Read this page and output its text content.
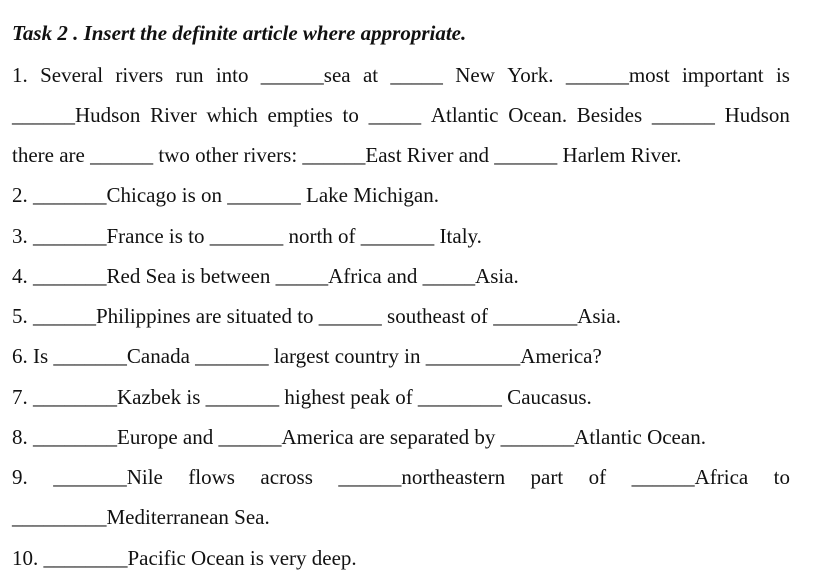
Task 2 . Insert the definite article where appropriate.
1. Several rivers run into ______sea at _____ New York. ______most important is
______Hudson River which empties to _____ Atlantic Ocean. Besides ______ Hudson
there are ______ two other rivers: ______East River and ______ Harlem River.
2. _______Chicago is on _______ Lake Michigan.
3. _______France is to _______ north of _______ Italy.
4. _______Red Sea is between _____Africa and _____Asia.
5. ______Philippines are situated to ______ southeast of ________Asia.
6. Is _______Canada _______ largest country in _________America?
7. ________Kazbek is _______ highest peak of ________ Caucasus.
8. ________Europe and ______America are separated by _______Atlantic Ocean.
9. _______Nile flows across ______northeastern part of ______Africa to
_________Mediterranean Sea.
10. ________Pacific Ocean is very deep.
